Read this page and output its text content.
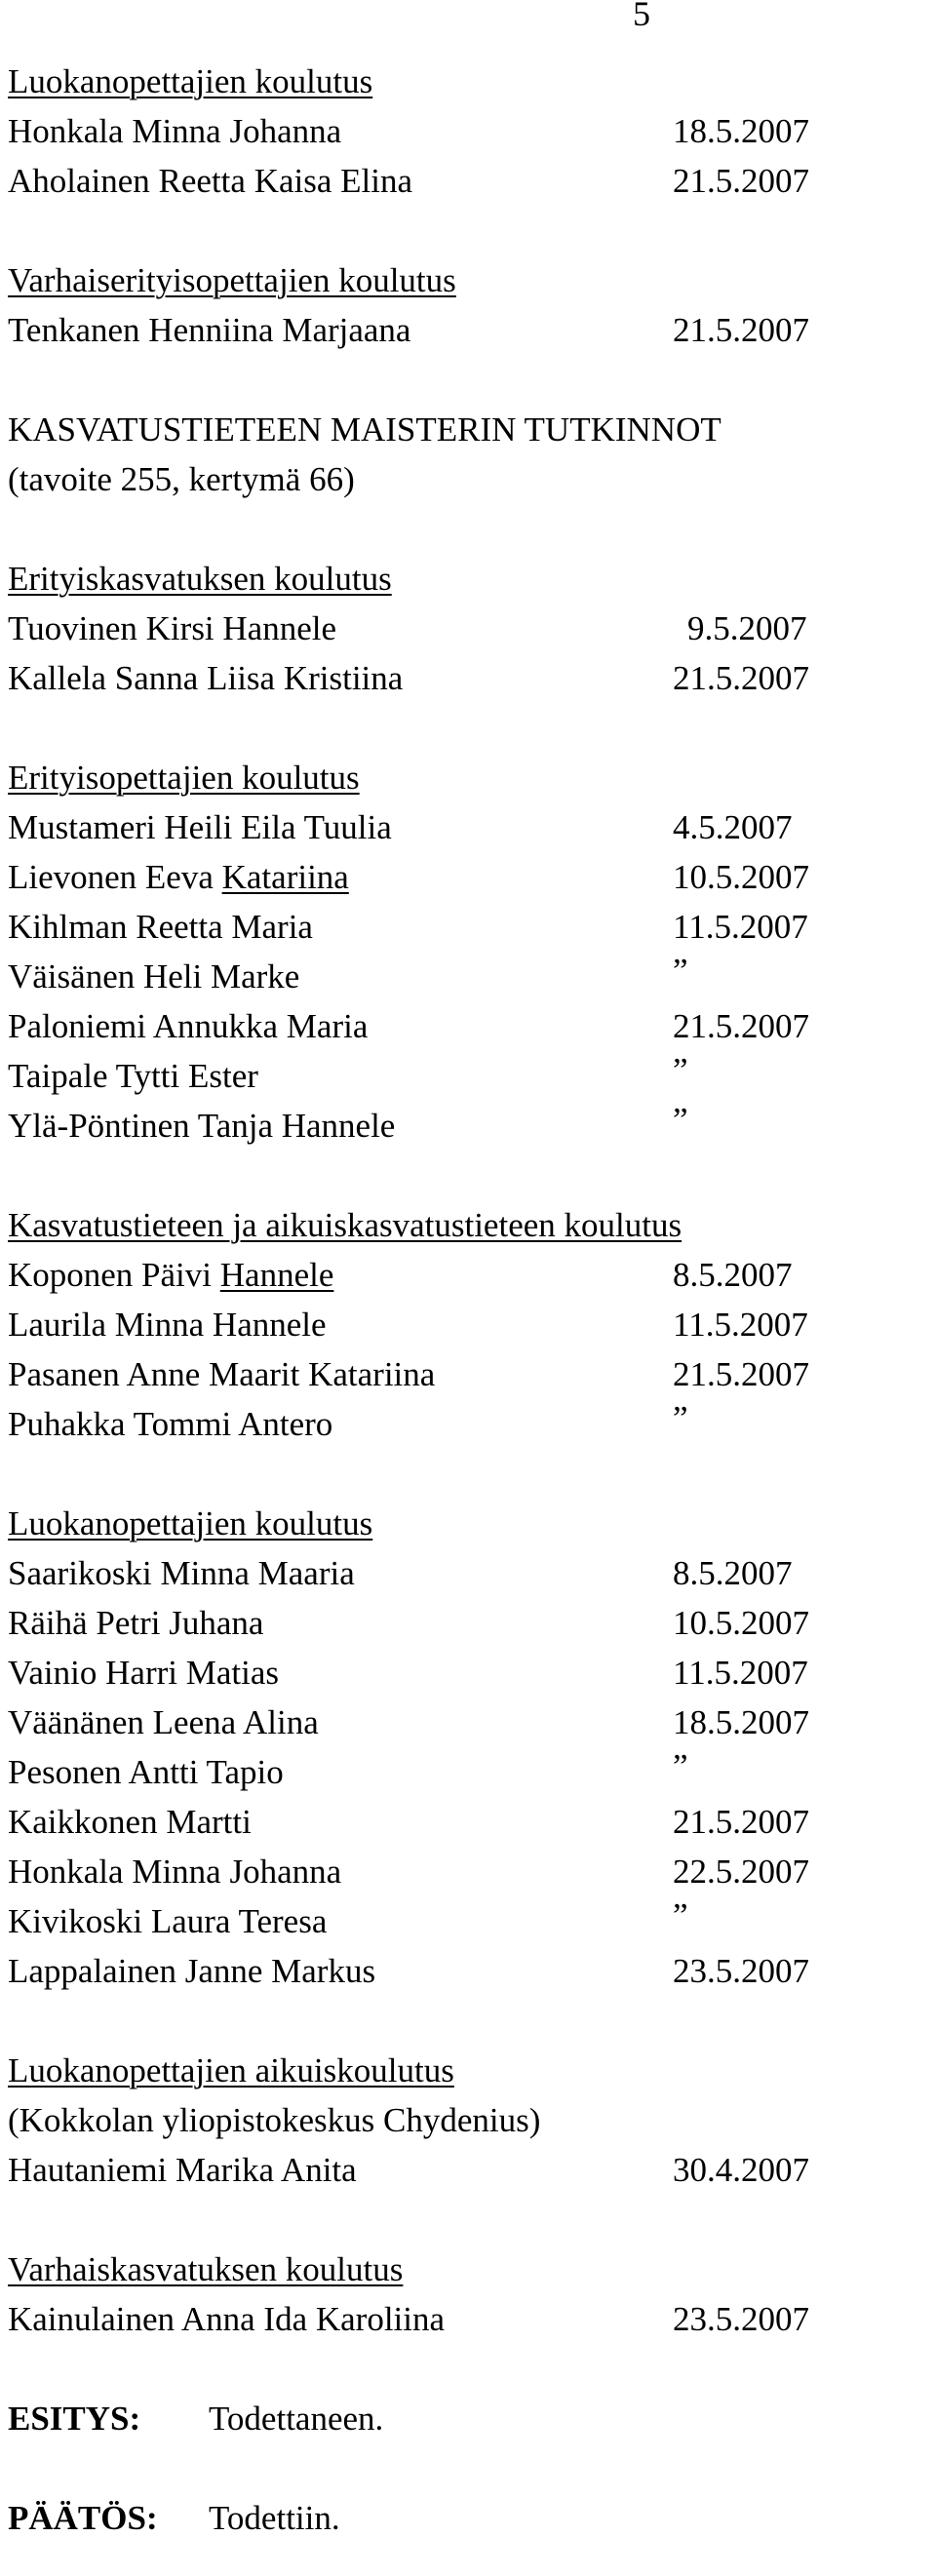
5
Luokanopettajien koulutus
Honkala Minna Johanna	18.5.2007
Aholainen Reetta Kaisa Elina	21.5.2007
Varhaiserityisopettajien koulutus
Tenkanen Henniina Marjaana	21.5.2007
KASVATUSTIETEEN MAISTERIN TUTKINNOT
(tavoite 255, kertymä 66)
Erityiskasvatuksen koulutus
Tuovinen Kirsi Hannele	9.5.2007
Kallela Sanna Liisa Kristiina	21.5.2007
Erityisopettajien koulutus
Mustameri Heili Eila Tuulia	4.5.2007
Lievonen Eeva Katariina	10.5.2007
Kihlman Reetta Maria	11.5.2007
Väisänen Heli Marke	”
Paloniemi Annukka Maria	21.5.2007
Taipale Tytti Ester	”
Ylä-Pöntinen Tanja Hannele	”
Kasvatustieteen ja aikuiskasvatustieteen koulutus
Koponen Päivi Hannele	8.5.2007
Laurila Minna Hannele	11.5.2007
Pasanen Anne Maarit Katariina	21.5.2007
Puhakka Tommi Antero	”
Luokanopettajien koulutus
Saarikoski Minna Maaria	8.5.2007
Räihä Petri Juhana	10.5.2007
Vainio Harri Matias	11.5.2007
Väänänen Leena Alina	18.5.2007
Pesonen Antti Tapio	”
Kaikkonen Martti	21.5.2007
Honkala Minna Johanna	22.5.2007
Kivikoski Laura Teresa	”
Lappalainen Janne Markus	23.5.2007
Luokanopettajien aikuiskoulutus
(Kokkolan yliopistokeskus Chydenius)
Hautaniemi Marika Anita	30.4.2007
Varhaiskasvatuksen koulutus
Kainulainen Anna Ida Karoliina	23.5.2007
ESITYS: Todettaneen.
PÄÄTÖS: Todettiin.
